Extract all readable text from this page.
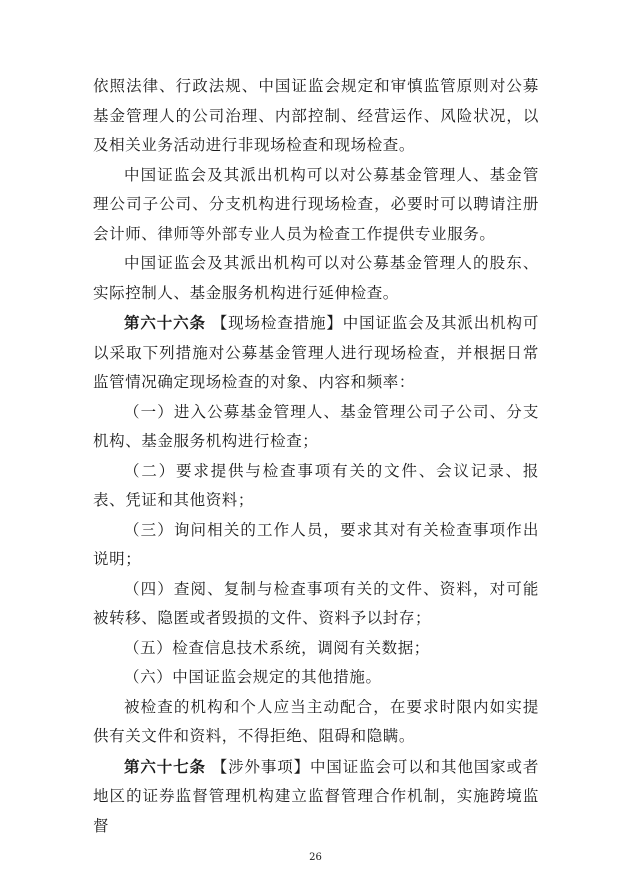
依照法律、行政法规、中国证监会规定和审慎监管原则对公募基金管理人的公司治理、内部控制、经营运作、风险状况，以及相关业务活动进行非现场检查和现场检查。

中国证监会及其派出机构可以对公募基金管理人、基金管理公司子公司、分支机构进行现场检查，必要时可以聘请注册会计师、律师等外部专业人员为检查工作提供专业服务。

中国证监会及其派出机构可以对公募基金管理人的股东、实际控制人、基金服务机构进行延伸检查。

第六十六条 【现场检查措施】中国证监会及其派出机构可以采取下列措施对公募基金管理人进行现场检查，并根据日常监管情况确定现场检查的对象、内容和频率：

（一）进入公募基金管理人、基金管理公司子公司、分支机构、基金服务机构进行检查；

（二）要求提供与检查事项有关的文件、会议记录、报表、凭证和其他资料；

（三）询问相关的工作人员，要求其对有关检查事项作出说明；

（四）查阅、复制与检查事项有关的文件、资料，对可能被转移、隐匿或者毁损的文件、资料予以封存；

（五）检查信息技术系统，调阅有关数据；

（六）中国证监会规定的其他措施。

被检查的机构和个人应当主动配合，在要求时限内如实提供有关文件和资料，不得拒绝、阻碍和隐瞒。

第六十七条 【涉外事项】中国证监会可以和其他国家或者地区的证券监督管理机构建立监督管理合作机制，实施跨境监督

26
